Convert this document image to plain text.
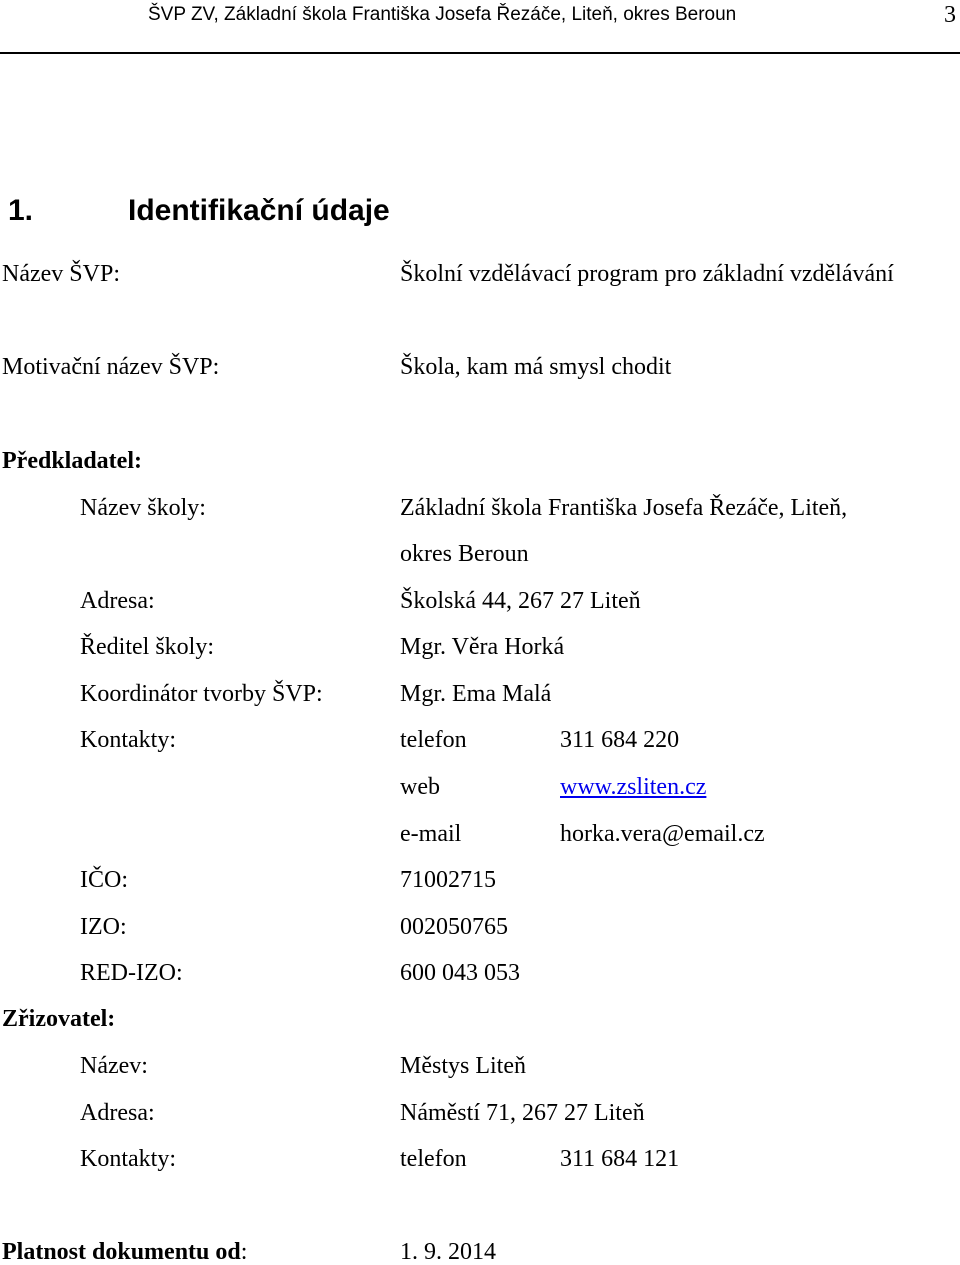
ŠVP ZV, Základní škola Františka Josefa Řezáče, Liteň, okres Beroun	3
1.	Identifikační údaje
Název ŠVP:	Školní vzdělávací program pro základní vzdělávání
Motivační název ŠVP:	Škola, kam má smysl chodit
Předkladatel:
Název školy:	Základní škola Františka Josefa Řezáče, Liteň,
okres Beroun
Adresa:	Školská 44, 267 27 Liteň
Ředitel školy:	Mgr. Věra Horká
Koordinátor tvorby ŠVP:	Mgr. Ema Malá
Kontakty:	telefon	311 684 220
web	www.zsliten.cz
e-mail	horka.vera@email.cz
IČO:	71002715
IZO:	002050765
RED-IZO:	600 043 053
Zřizovatel:
Název:	Městys Liteň
Adresa:	Náměstí 71, 267 27 Liteň
Kontakty:	telefon	311 684 121
Platnost dokumentu od:	1. 9. 2014
